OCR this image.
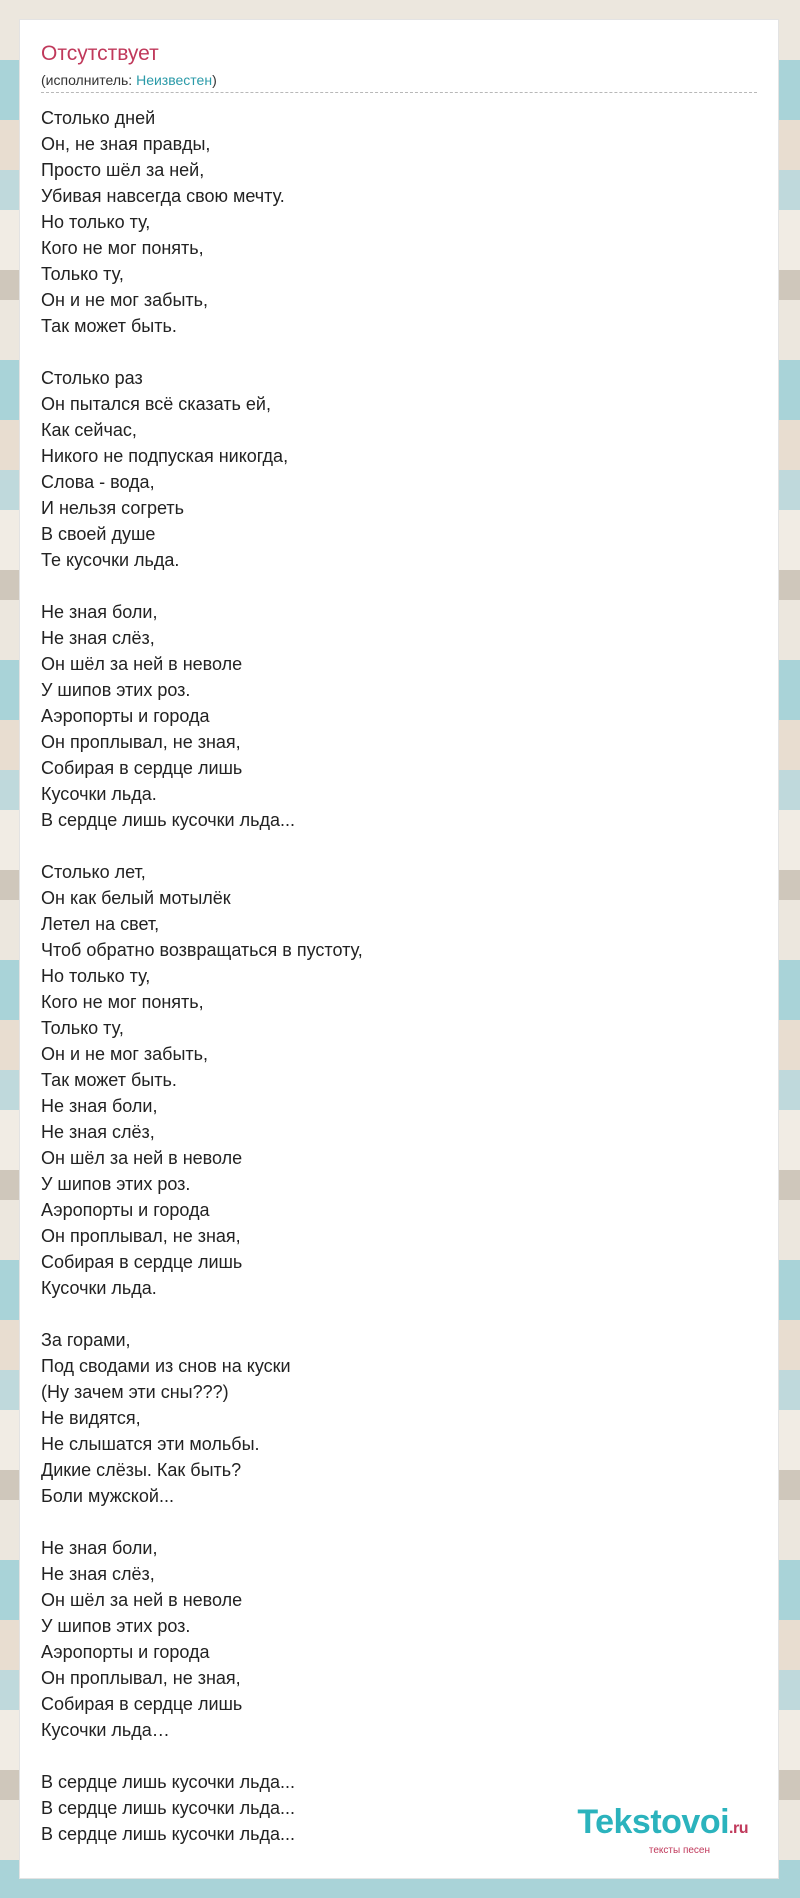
Отсутствует
(исполнитель: Неизвестен)
Столько дней
Он, не зная правды,
Просто шёл за ней,
Убивая навсегда свою мечту.
Но только ту,
Кого не мог понять,
Только ту,
Он и не мог забыть,
Так может быть.

Столько раз
Он пытался всё сказать ей,
Как сейчас,
Никого не подпуская никогда,
Слова - вода,
И нельзя согреть
В своей душе
Те кусочки льда.

Не зная боли,
Не зная слёз,
Он шёл за ней в неволе
У шипов этих роз.
Аэропорты и города
Он проплывал, не зная,
Собирая в сердце лишь
Кусочки льда.
В сердце лишь кусочки льда...

Столько лет,
Он как белый мотылёк
Летел на свет,
Чтоб обратно возвращаться в пустоту,
Но только ту,
Кого не мог понять,
Только ту,
Он и не мог забыть,
Так может быть.
Не зная боли,
Не зная слёз,
Он шёл за ней в неволе
У шипов этих роз.
Аэропорты и города
Он проплывал, не зная,
Собирая в сердце лишь
Кусочки льда.

За горами,
Под сводами из снов на куски
(Ну зачем эти сны???)
Не видятся,
Не слышатся эти мольбы.
Дикие слёзы. Как быть?
Боли мужской...

Не зная боли,
Не зная слёз,
Он шёл за ней в неволе
У шипов этих роз.
Аэропорты и города
Он проплывал, не зная,
Собирая в сердце лишь
Кусочки льда…

В сердце лишь кусочки льда...
В сердце лишь кусочки льда...
В сердце лишь кусочки льда...	Tekstovoi.ru
тексты песен
